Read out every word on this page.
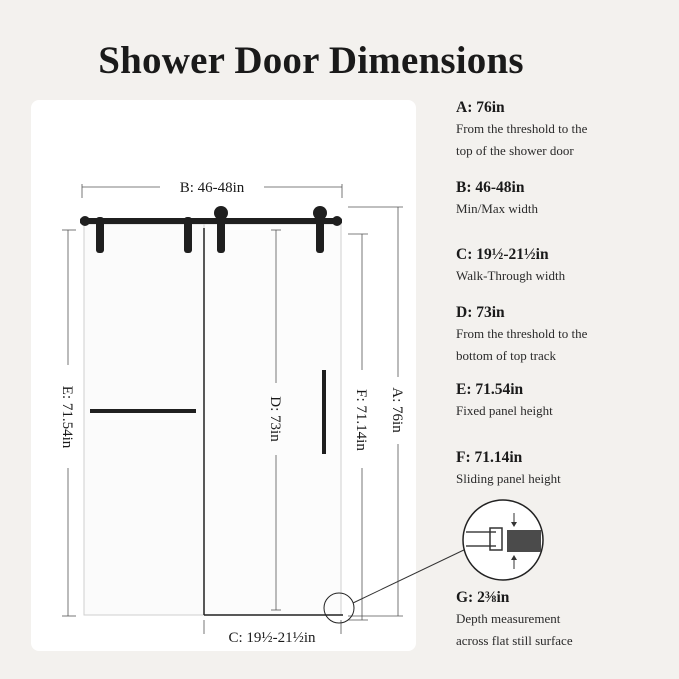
Shower Door Dimensions
B: 46-48in
E: 71.54in	D: 73in	F: 71.14in A: 76in
C: 19½-21½in
A: 76in
From the threshold to the
top of the shower door
B: 46-48in
Min/Max width
C: 19½-21½in
Walk-Through width
D: 73in
From the threshold to the
bottom of top track
E: 71.54in
Fixed panel height
F: 71.14in
Sliding panel height
G: 2⅜in
Depth measurement
across flat still surface
